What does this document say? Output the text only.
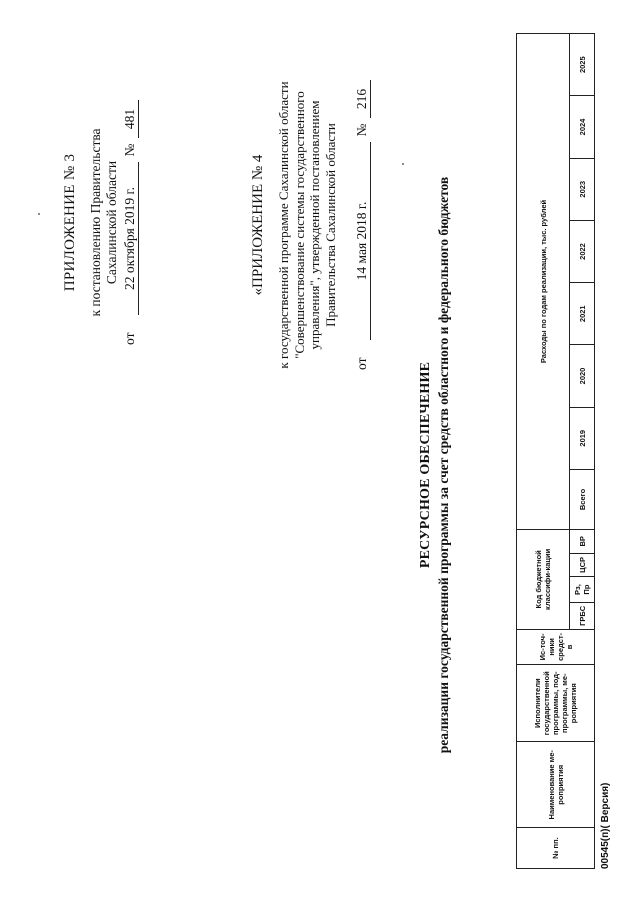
ПРИЛОЖЕНИЕ № 3 к постановлению Правительства Сахалинской области
от
22 октября 2019 г.
№
481
«ПРИЛОЖЕНИЕ № 4 к государственной программе Сахалинской области "Совершенствование системы государственного управления", утвержденной постановлением Правительства Сахалинской области
от
14 мая 2018 г.
№
216
РЕСУРСНОЕ ОБЕСПЕЧЕНИЕ реализации государственной программы за счет средств областного и федерального бюджетов
№ пп.	Наименование ме-роприятия	Исполнители государственной программы, под-программы, ме-роприятия	Ис-точ-ники средст-в	Код бюджетной классифи-кации				Расходы по годам реализации, тыс. рублей							
				ГРБС	Рз, Пр	ЦСР	ВР	Всего	2019	2020	2021	2022	2023	2024	2025
00545(п)( Версия)
